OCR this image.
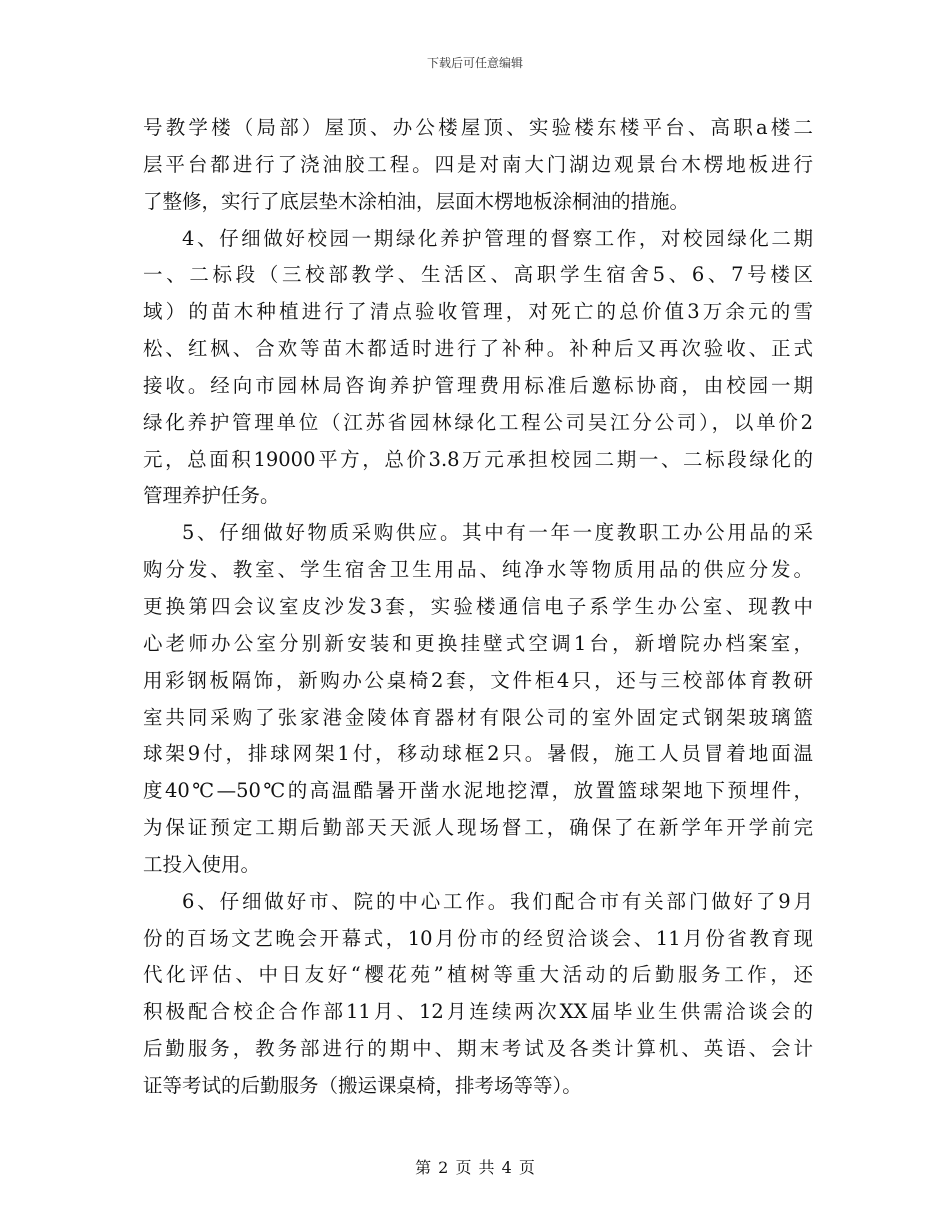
下载后可任意编辑
号教学楼（局部）屋顶、办公楼屋顶、实验楼东楼平台、高职a楼二
层平台都进行了浇油胶工程。四是对南大门湖边观景台木楞地板进行
了整修，实行了底层垫木涂柏油，层面木楞地板涂桐油的措施。
4、仔细做好校园一期绿化养护管理的督察工作，对校园绿化二期
一、二标段（三校部教学、生活区、高职学生宿舍5、6、7号楼区
域）的苗木种植进行了清点验收管理，对死亡的总价值3万余元的雪
松、红枫、合欢等苗木都适时进行了补种。补种后又再次验收、正式
接收。经向市园林局咨询养护管理费用标准后邀标协商，由校园一期
绿化养护管理单位（江苏省园林绿化工程公司吴江分公司），以单价2
元，总面积19000平方，总价3.8万元承担校园二期一、二标段绿化的
管理养护任务。
5、仔细做好物质采购供应。其中有一年一度教职工办公用品的采
购分发、教室、学生宿舍卫生用品、纯净水等物质用品的供应分发。
更换第四会议室皮沙发3套，实验楼通信电子系学生办公室、现教中
心老师办公室分别新安装和更换挂壁式空调1台，新增院办档案室，
用彩钢板隔饰，新购办公桌椅2套，文件柜4只，还与三校部体育教研
室共同采购了张家港金陵体育器材有限公司的室外固定式钢架玻璃篮
球架9付，排球网架1付，移动球框2只。暑假，施工人员冒着地面温
度40℃—50℃的高温酷暑开凿水泥地挖潭，放置篮球架地下预埋件，
为保证预定工期后勤部天天派人现场督工，确保了在新学年开学前完
工投入使用。
6、仔细做好市、院的中心工作。我们配合市有关部门做好了9月
份的百场文艺晚会开幕式，10月份市的经贸洽谈会、11月份省教育现
代化评估、中日友好“樱花苑”植树等重大活动的后勤服务工作，还
积极配合校企合作部11月、12月连续两次XX届毕业生供需洽谈会的
后勤服务，教务部进行的期中、期末考试及各类计算机、英语、会计
证等考试的后勤服务（搬运课桌椅，排考场等等）。
第 2 页 共 4 页
